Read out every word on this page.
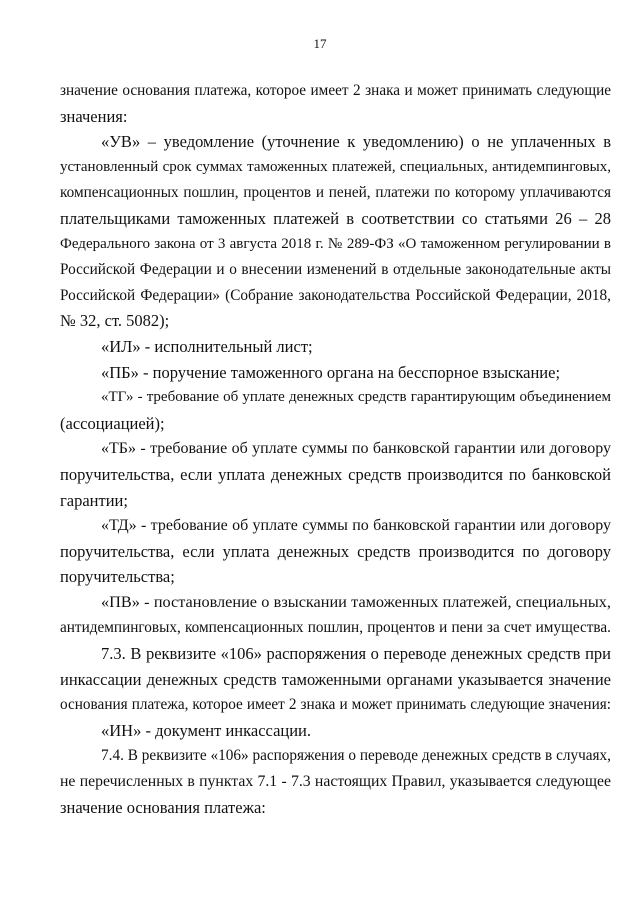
17
значение основания платежа, которое имеет 2 знака и может принимать следующие
значения:
«УВ» – уведомление (уточнение к уведомлению) о не уплаченных в
установленный срок суммах таможенных платежей, специальных, антидемпинговых,
компенсационных пошлин, процентов и пеней, платежи по которому уплачиваются
плательщиками таможенных платежей в соответствии со статьями 26 – 28
Федерального закона от 3 августа 2018 г. № 289-ФЗ «О таможенном регулировании в
Российской Федерации и о внесении изменений в отдельные законодательные акты
Российской Федерации» (Собрание законодательства Российской Федерации, 2018,
№ 32, ст. 5082);
«ИЛ» - исполнительный лист;
«ПБ» - поручение таможенного органа на бесспорное взыскание;
«ТГ» - требование об уплате денежных средств гарантирующим объединением
(ассоциацией);
«ТБ» - требование об уплате суммы по банковской гарантии или договору
поручительства, если уплата денежных средств производится по банковской
гарантии;
«ТД» - требование об уплате суммы по банковской гарантии или договору
поручительства, если уплата денежных средств производится по договору
поручительства;
«ПВ» - постановление о взыскании таможенных платежей, специальных,
антидемпинговых, компенсационных пошлин, процентов и пени за счет имущества.
7.3. В реквизите «106» распоряжения о переводе денежных средств при
инкассации денежных средств таможенными органами указывается значение
основания платежа, которое имеет 2 знака и может принимать следующие значения:
«ИН» - документ инкассации.
7.4. В реквизите «106» распоряжения о переводе денежных средств в случаях,
не перечисленных в пунктах 7.1 - 7.3 настоящих Правил, указывается следующее
значение основания платежа:
